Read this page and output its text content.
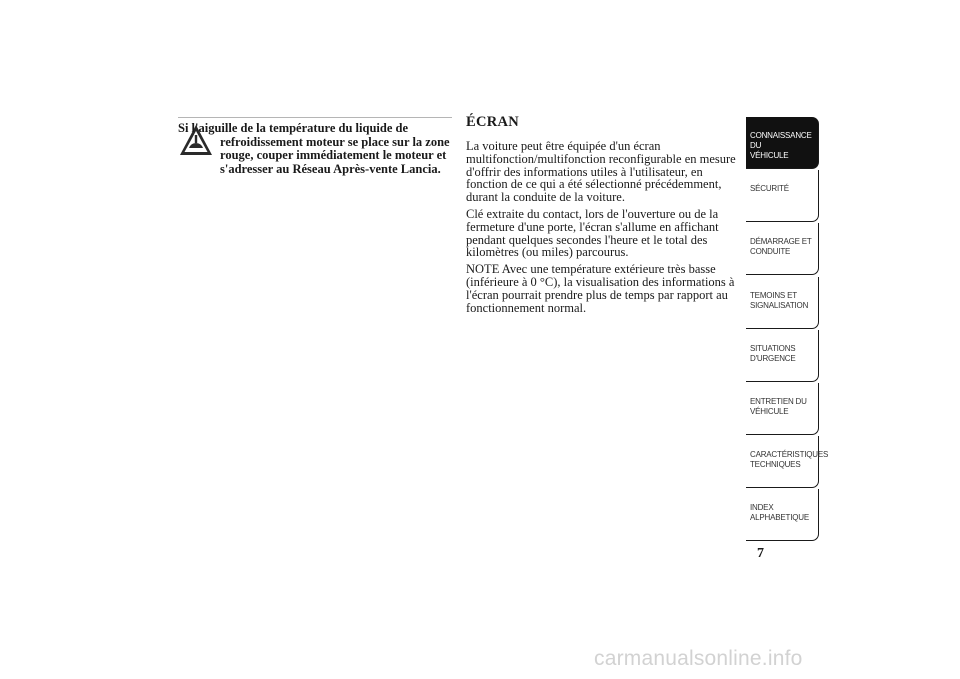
Si l'aiguille de la température du liquide de refroidissement moteur se place sur la zone rouge, couper immédiatement le moteur et s'adresser au Réseau Après-vente Lancia.

ÉCRAN

La voiture peut être équipée d'un écran multifonction/multifonction reconfigurable en mesure d'offrir des informations utiles à l'utilisateur, en fonction de ce qui a été sélectionné précédemment, durant la conduite de la voiture.

Clé extraite du contact, lors de l'ouverture ou de la fermeture d'une porte, l'écran s'allume en affichant pendant quelques secondes l'heure et le total des kilomètres (ou miles) parcourus.

NOTE Avec une température extérieure très basse (inférieure à 0 °C), la visualisation des informations à l'écran pourrait prendre plus de temps par rapport au fonctionnement normal.

CONNAISSANCE DU
VÉHICULE
SÉCURITÉ
DÉMARRAGE ET
CONDUITE
TEMOINS ET
SIGNALISATION
SITUATIONS
D'URGENCE
ENTRETIEN DU
VÉHICULE
CARACTÉRISTIQUES
TECHNIQUES
INDEX
ALPHABETIQUE
7
carmanualsonline.info
